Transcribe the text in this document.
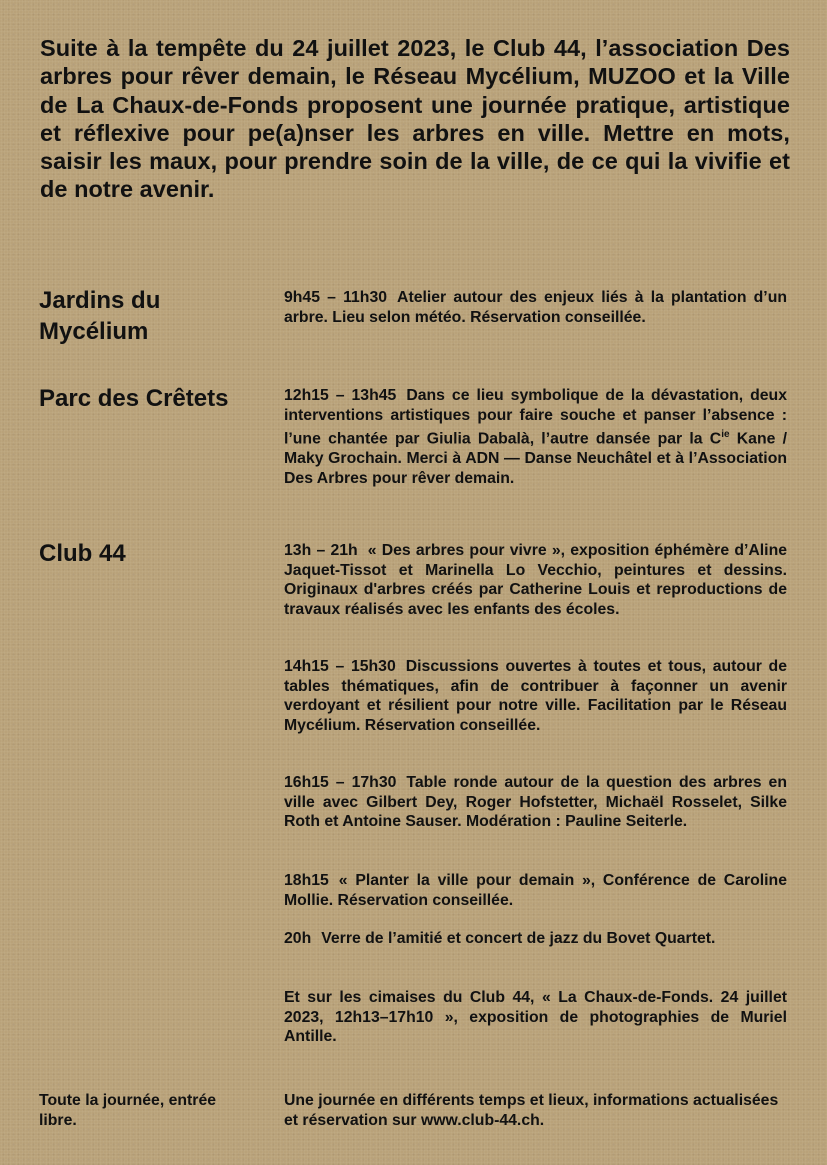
Suite à la tempête du 24 juillet 2023, le Club 44, l’association Des arbres pour rêver demain, le Réseau Mycélium, MUZOO et la Ville de La Chaux-de-Fonds proposent une journée pratique, artistique et réflexive pour pe(a)nser les arbres en ville. Mettre en mots, saisir les maux, pour prendre soin de la ville, de ce qui la vivifie et de notre avenir.

Jardins du Mycélium

9h45 – 11h30 Atelier autour des enjeux liés à la plantation d’un arbre. Lieu selon météo. Réservation conseillée.

Parc des Crêtets	12h15 – 13h45 Dans ce lieu symbolique de la dévastation, deux interventions artistiques pour faire souche et panser l’absence : l’une chantée par Giulia Dabalà, l’autre dansée par la $C^{ie}$ Kane / Maky Grochain. Merci à ADN — Danse Neuchâtel et à l’Association Des Arbres pour rêver demain.

Club 44	13h – 21h « Des arbres pour vivre », exposition éphémère d’Aline Jaquet-Tissot et Marinella Lo Vecchio, peintures et dessins. Originaux d'arbres créés par Catherine Louis et reproductions de travaux réalisés avec les enfants des écoles.

14h15 – 15h30 Discussions ouvertes à toutes et tous, autour de tables thématiques, afin de contribuer à façonner un avenir verdoyant et résilient pour notre ville. Facilitation par le Réseau Mycélium. Réservation conseillée.

16h15 – 17h30 Table ronde autour de la question des arbres en ville avec Gilbert Dey, Roger Hofstetter, Michaël Rosselet, Silke Roth et Antoine Sauser. Modération : Pauline Seiterle.

18h15 « Planter la ville pour demain », Conférence de Caroline Mollie. Réservation conseillée.

20h Verre de l’amitié et concert de jazz du Bovet Quartet.

Et sur les cimaises du Club 44, « La Chaux-de-Fonds. 24 juillet 2023, 12h13–17h10 », exposition de photographies de Muriel Antille.

Toute la journée, entrée libre.

Une journée en différents temps et lieux, informations actualisées et réservation sur www.club-44.ch.
